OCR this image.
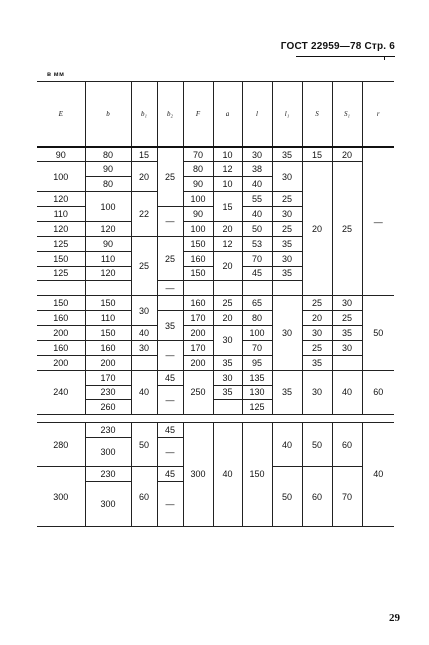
ГОСТ 22959—78 Стр. 6
в мм
E	b	b₁	b₂	F	a	l	l₁	S	S₁	r
90	80	15	25	70	10	30	35	15	20	—
100	90	20		80	12	38	30	20	25	
	80			90	10	40				
120	100	22		100	15	55	25			
110			—	90		40	30			
120	120			100	20	50	25			
125	90	25	25	150	12	53	35			
150	110			160	20	70	30			
125	120			150		45	35			
			—							
150	150	30		160	25	65	30	25	30	50
160	110		35	170	20	80		20	25	
200	150	40		200	30	100		30	35	
160	160	30	—	170		70		25	30	
200	200			200	35	95		35		
240	170	40	45	250	30	135	35	30	40	60
	230		—		35	130				
	260					125				

280	230	50	45	300	40	150	40	50	60	40
	300		—							

300	230	60	45				50	60	70	
	300		—							

29
